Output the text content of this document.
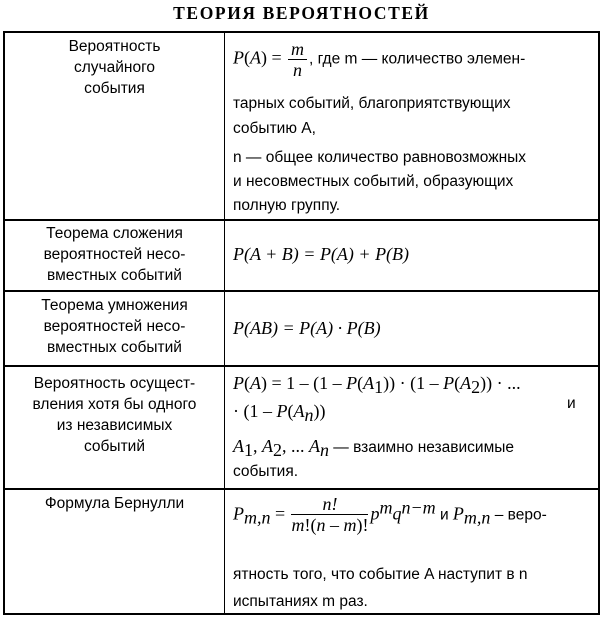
ТЕОРИЯ ВЕРОЯТНОСТЕЙ
Вероятность
случайного
события
$P(A) = \frac{m}{n}$ , где m — количество элемен-
тарных событий, благоприятствующих
событию A,
n — общее количество равновозможных
и несовместных событий, образующих
полную группу.
Теорема сложения
вероятностей несо-
вместных событий
P(A + B) = P(A) + P(B)
Теорема умножения
вероятностей несо-
вместных событий
P(AB) = P(A) · P(B)
Вероятность осущест-
вления хотя бы одного
из независимых
событий
$P(A) = 1 - (1 - P(A_1)) \cdot (1 - P(A_2))$ · ...
· $(1 - P(A_n))$	и
$A_1$, $A_2$, ... $A_n$ — взаимно независимые
события.
Формула Бернулли
$P_{m,n} = \frac{n!}{m!(n - m)!} p^mq^{n-m}$ и $P_{m,n}$ – веро-
ятность того, что событие A наступит в n
испытаниях m раз.
